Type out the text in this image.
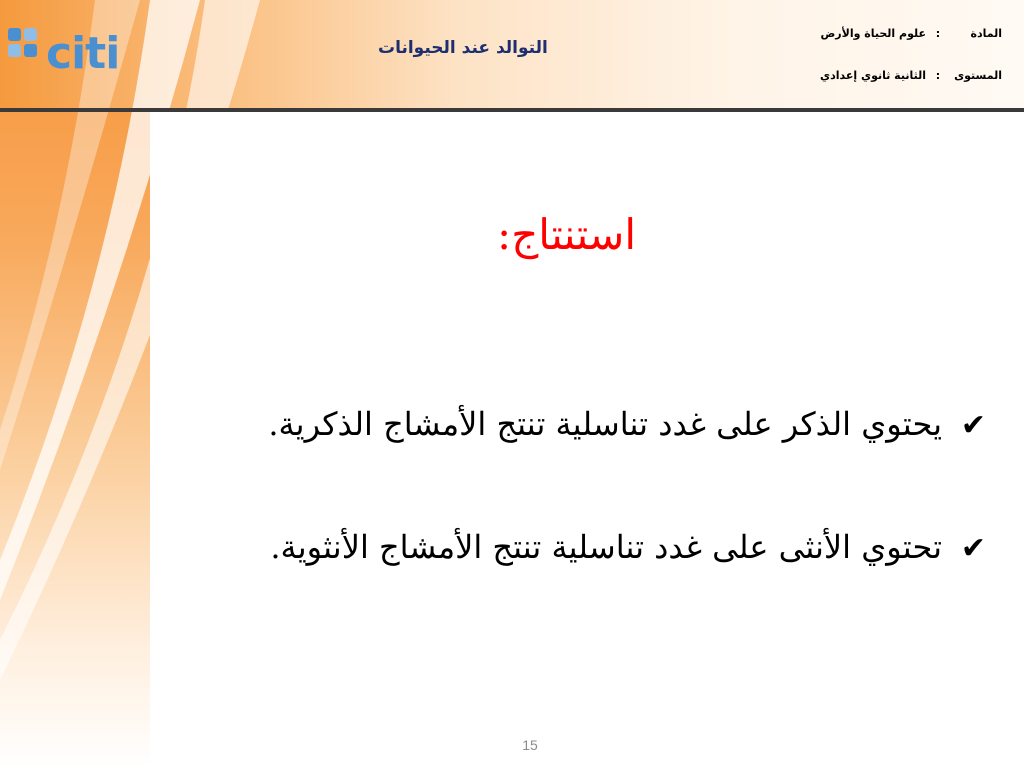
citi	التوالد عند الحيوانات
المادة:علوم الحياة والأرض
المستوى:الثانية ثانوي إعدادي
استنتاج:
✔يحتوي الذكر على غدد تناسلية تنتج الأمشاج الذكرية.
✔تحتوي الأنثى على غدد تناسلية تنتج الأمشاج الأنثوية.
15
